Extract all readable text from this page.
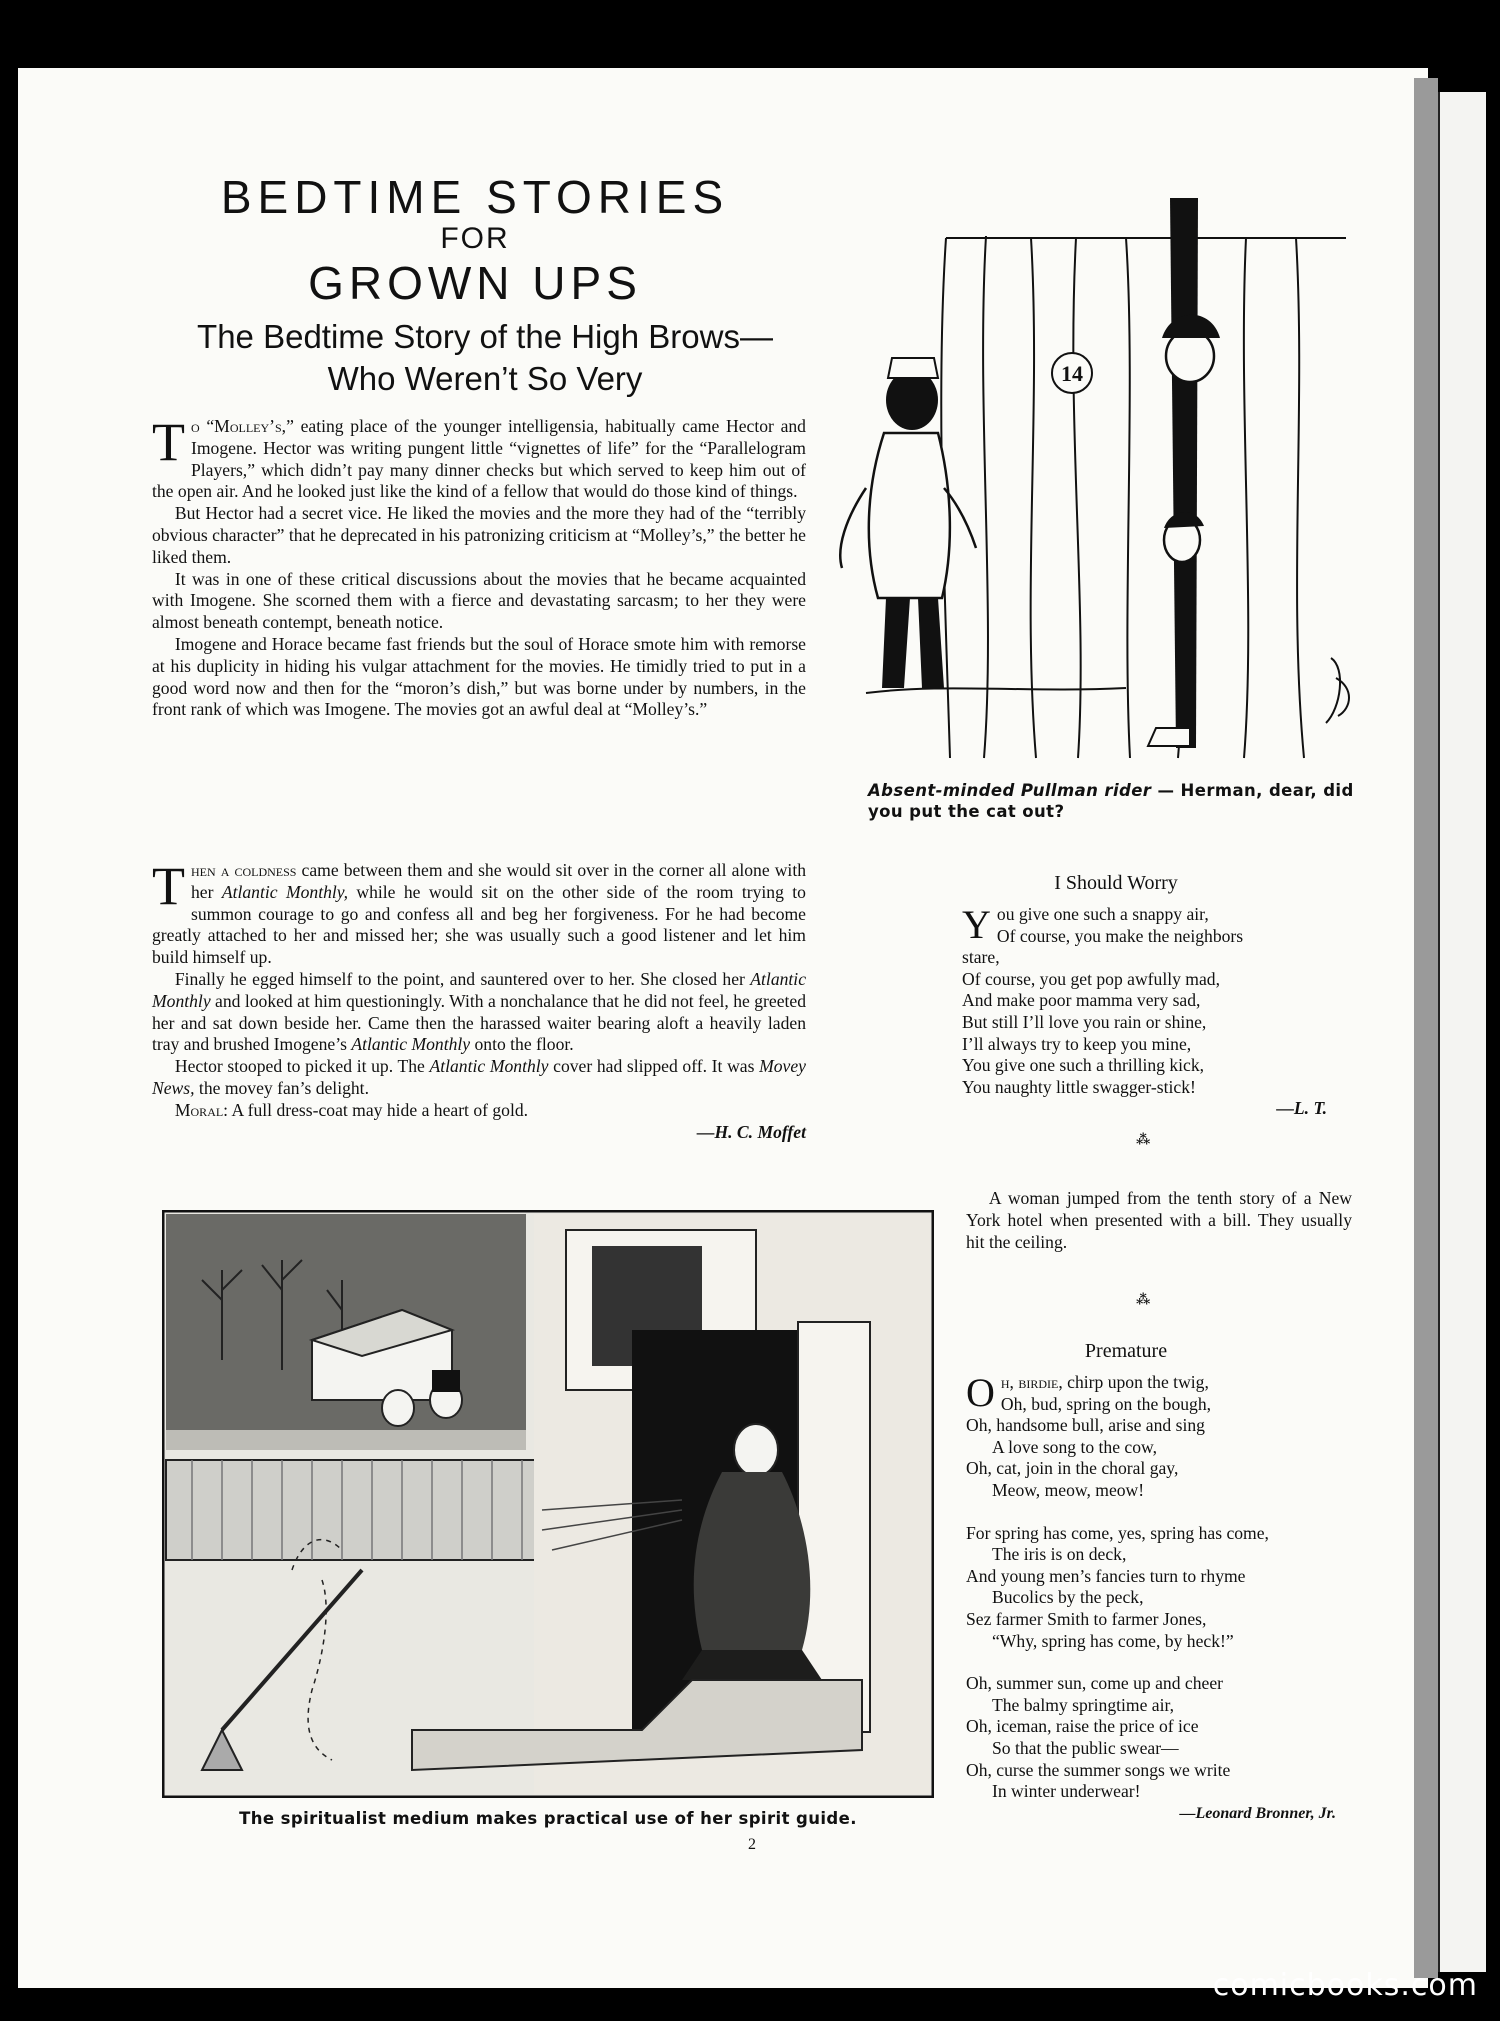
BEDTIME STORIES
FOR
GROWN UPS
The Bedtime Story of the High Brows—
Who Weren’t So Very

To “Molley’s,” eating place of the younger intelligensia, habitually came Hector and Imogene. Hector was writing pungent little “vignettes of life” for the “Parallelogram Players,” which didn’t pay many dinner checks but which served to keep him out of the open air. And he looked just like the kind of a fellow that would do those kind of things.

But Hector had a secret vice. He liked the movies and the more they had of the “terribly obvious character” that he deprecated in his patronizing criticism at “Molley’s,” the better he liked them.

It was in one of these critical discussions about the movies that he became acquainted with Imogene. She scorned them with a fierce and devastating sarcasm; to her they were almost beneath contempt, beneath notice.

Imogene and Horace became fast friends but the soul of Horace smote him with remorse at his duplicity in hiding his vulgar attachment for the movies. He timidly tried to put in a good word now and then for the “moron’s dish,” but was borne under by numbers, in the front rank of which was Imogene. The movies got an awful deal at “Molley’s.”

Then a coldness came between them and she would sit over in the corner all alone with her Atlantic Monthly, while he would sit on the other side of the room trying to summon courage to go and confess all and beg her forgiveness. For he had become greatly attached to her and missed her; she was usually such a good listener and let him build himself up.

Finally he egged himself to the point, and sauntered over to her. She closed her Atlantic Monthly and looked at him questioningly. With a nonchalance that he did not feel, he greeted her and sat down beside her. Came then the harassed waiter bearing aloft a heavily laden tray and brushed Imogene’s Atlantic Monthly onto the floor.

Hector stooped to picked it up. The Atlantic Monthly cover had slipped off. It was Movey News, the movey fan’s delight.

Moral: A full dress-coat may hide a heart of gold.

—H. C. Moffet
14
Absent-minded Pullman rider — Herman, dear, did you put the cat out?
I Should Worry
You give one such a snappy air,
Of course, you make the neighbors
stare,
Of course, you get pop awfully mad,
And make poor mamma very sad,
But still I’ll love you rain or shine,
I’ll always try to keep you mine,
You give one such a thrilling kick,
You naughty little swagger-stick!
—L. T.
⁂

A woman jumped from the tenth story of a New York hotel when presented with a bill. They usually hit the ceiling.

⁂
Premature
Oh, birdie, chirp upon the twig,
Oh, bud, spring on the bough,
Oh, handsome bull, arise and sing
A love song to the cow,
Oh, cat, join in the choral gay,
Meow, meow, meow!
For spring has come, yes, spring has come,
The iris is on deck,
And young men’s fancies turn to rhyme
Bucolics by the peck,
Sez farmer Smith to farmer Jones,
“Why, spring has come, by heck!”
Oh, summer sun, come up and cheer
The balmy springtime air,
Oh, iceman, raise the price of ice
So that the public swear—
Oh, curse the summer songs we write
In winter underwear!
—Leonard Bronner, Jr.
The spiritualist medium makes practical use of her spirit guide.
2
comicbooks.com
